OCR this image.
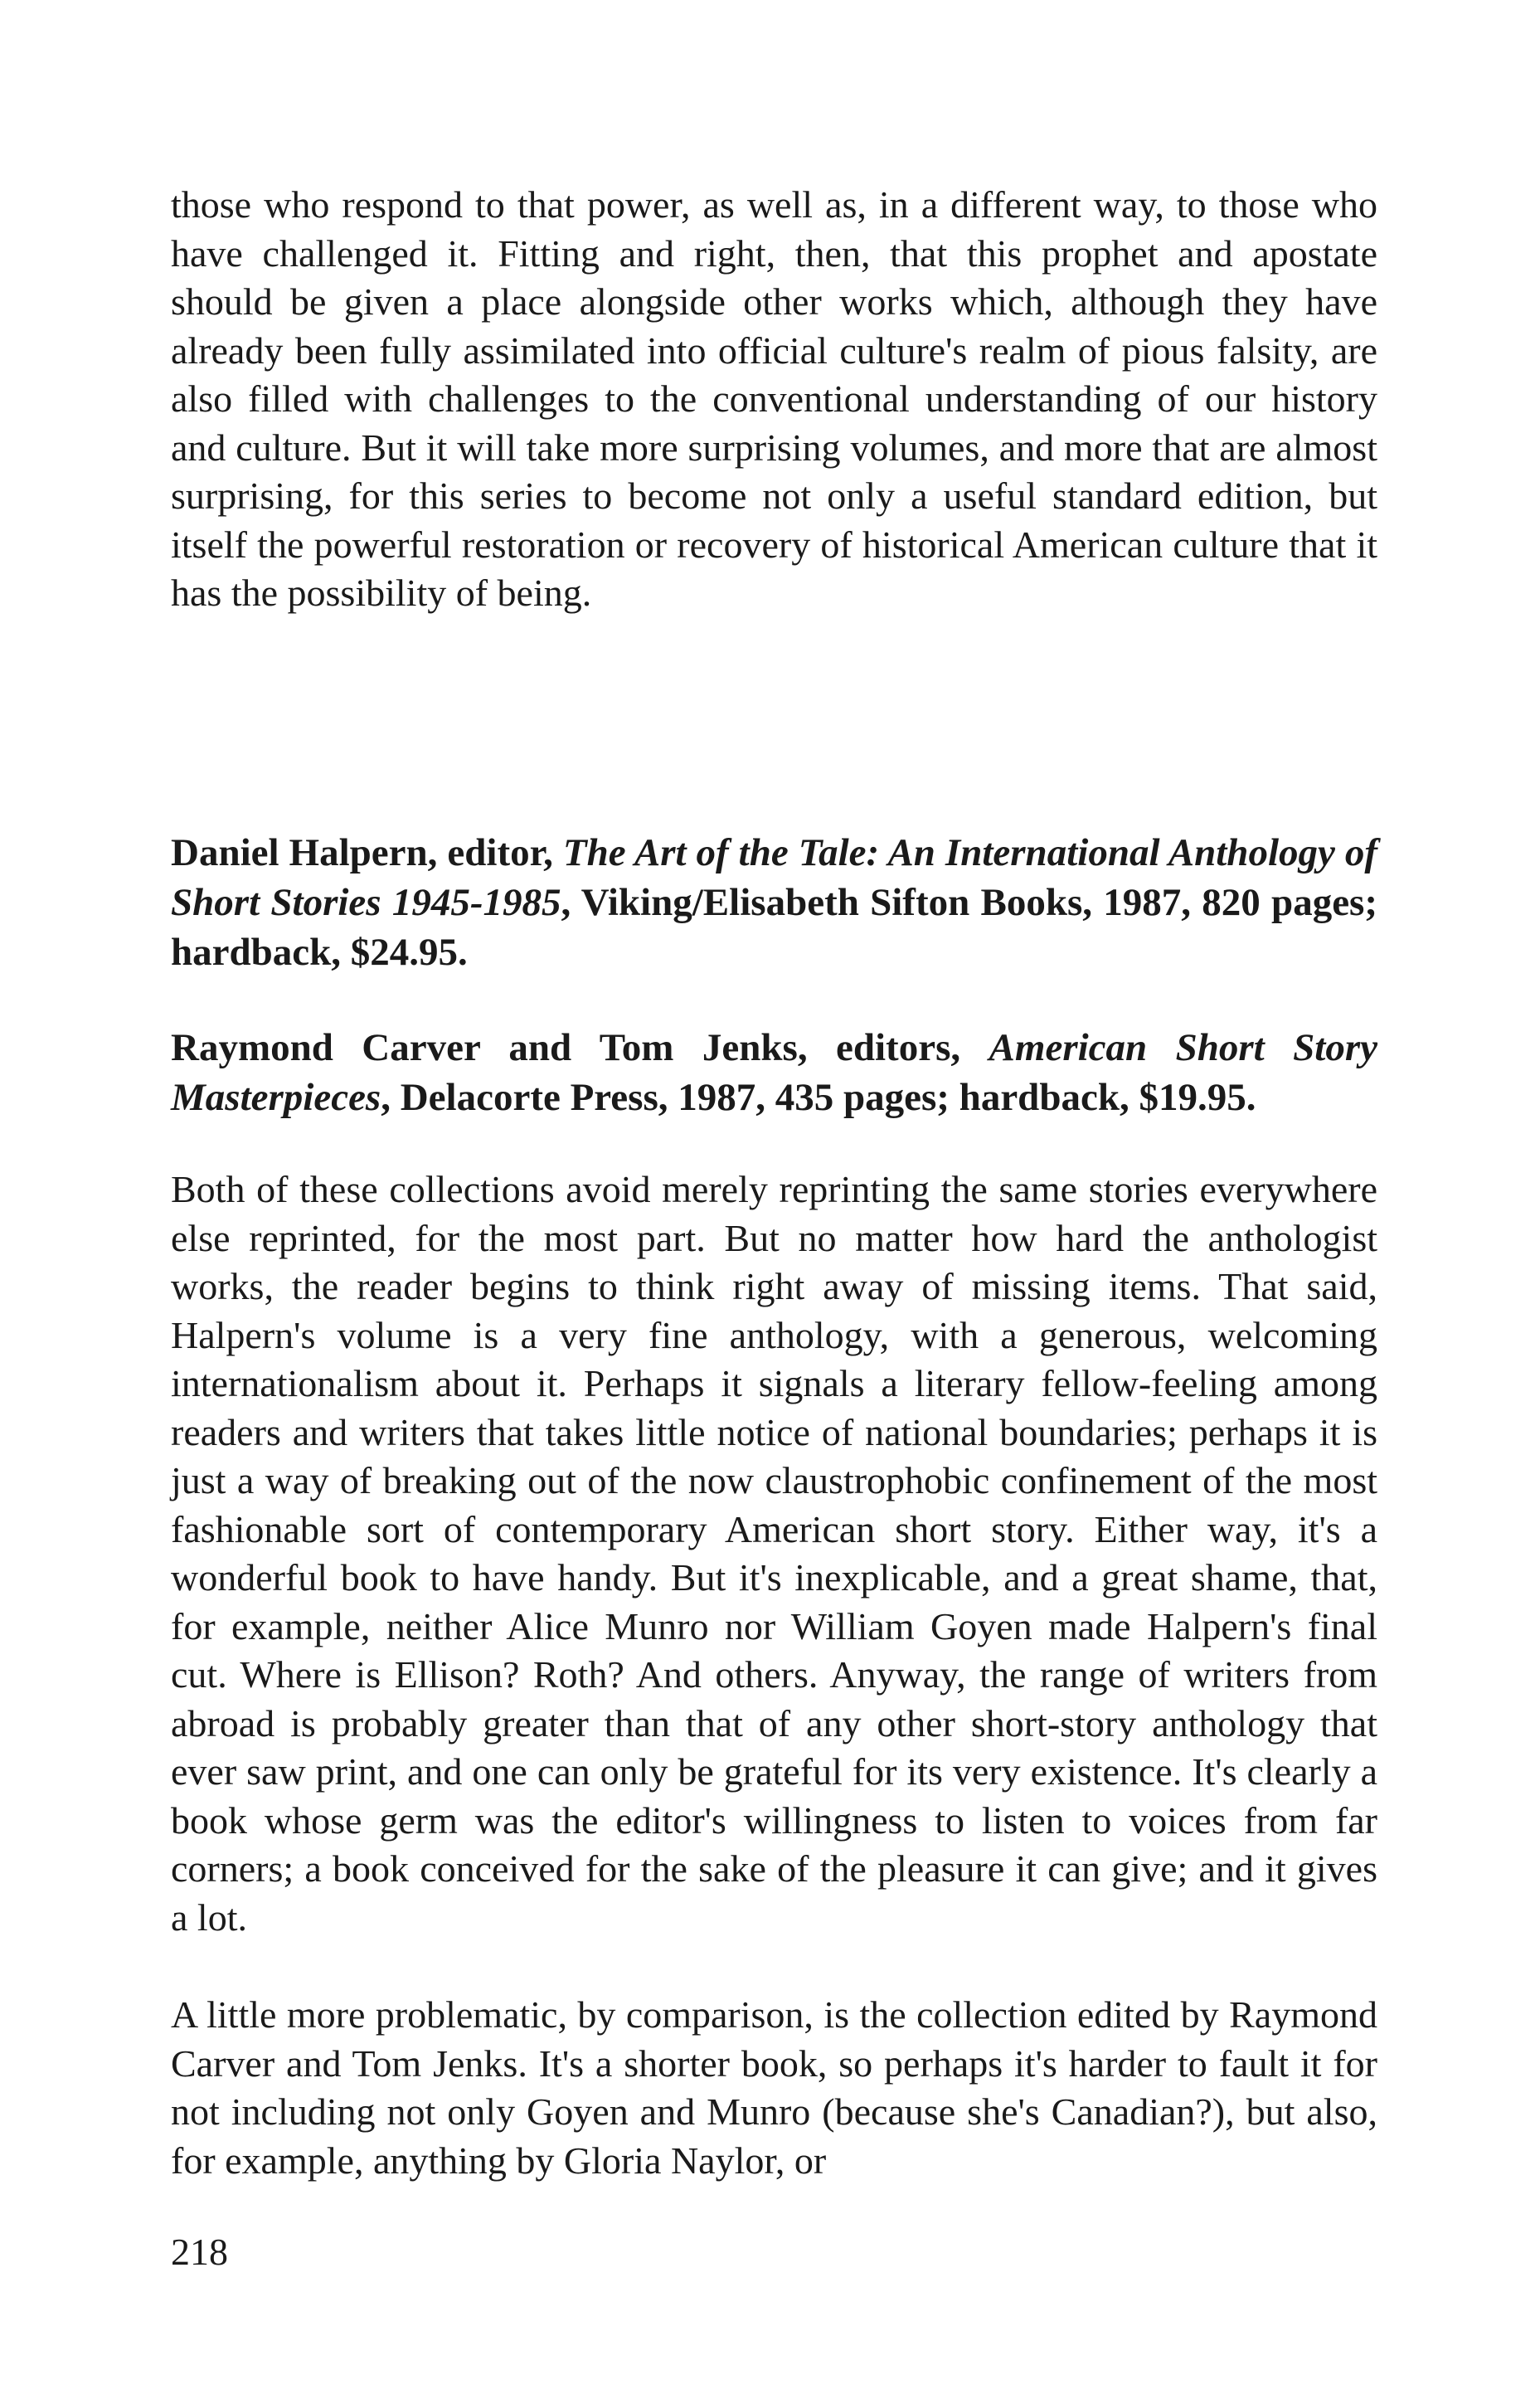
those who respond to that power, as well as, in a different way, to those who have challenged it. Fitting and right, then, that this prophet and apostate should be given a place alongside other works which, although they have already been fully assimilated into official culture's realm of pious falsity, are also filled with challenges to the conventional understanding of our history and culture. But it will take more surprising volumes, and more that are almost surprising, for this series to become not only a useful standard edition, but itself the powerful restoration or recovery of historical American culture that it has the possibility of being.

Daniel Halpern, editor, The Art of the Tale: An International Anthology of Short Stories 1945-1985, Viking/Elisabeth Sifton Books, 1987, 820 pages; hardback, $24.95.

Raymond Carver and Tom Jenks, editors, American Short Story Masterpieces, Delacorte Press, 1987, 435 pages; hardback, $19.95.

Both of these collections avoid merely reprinting the same stories everywhere else reprinted, for the most part. But no matter how hard the anthologist works, the reader begins to think right away of missing items. That said, Halpern's volume is a very fine anthology, with a generous, welcoming internationalism about it. Perhaps it signals a literary fellow-feeling among readers and writers that takes little notice of national boundaries; perhaps it is just a way of breaking out of the now claustrophobic confinement of the most fashionable sort of contemporary American short story. Either way, it's a wonderful book to have handy. But it's inexplicable, and a great shame, that, for example, neither Alice Munro nor William Goyen made Halpern's final cut. Where is Ellison? Roth? And others. Anyway, the range of writers from abroad is probably greater than that of any other short-story anthology that ever saw print, and one can only be grateful for its very existence. It's clearly a book whose germ was the editor's willingness to listen to voices from far corners; a book conceived for the sake of the pleasure it can give; and it gives a lot.

A little more problematic, by comparison, is the collection edited by Raymond Carver and Tom Jenks. It's a shorter book, so perhaps it's harder to fault it for not including not only Goyen and Munro (because she's Canadian?), but also, for example, anything by Gloria Naylor, or

218
